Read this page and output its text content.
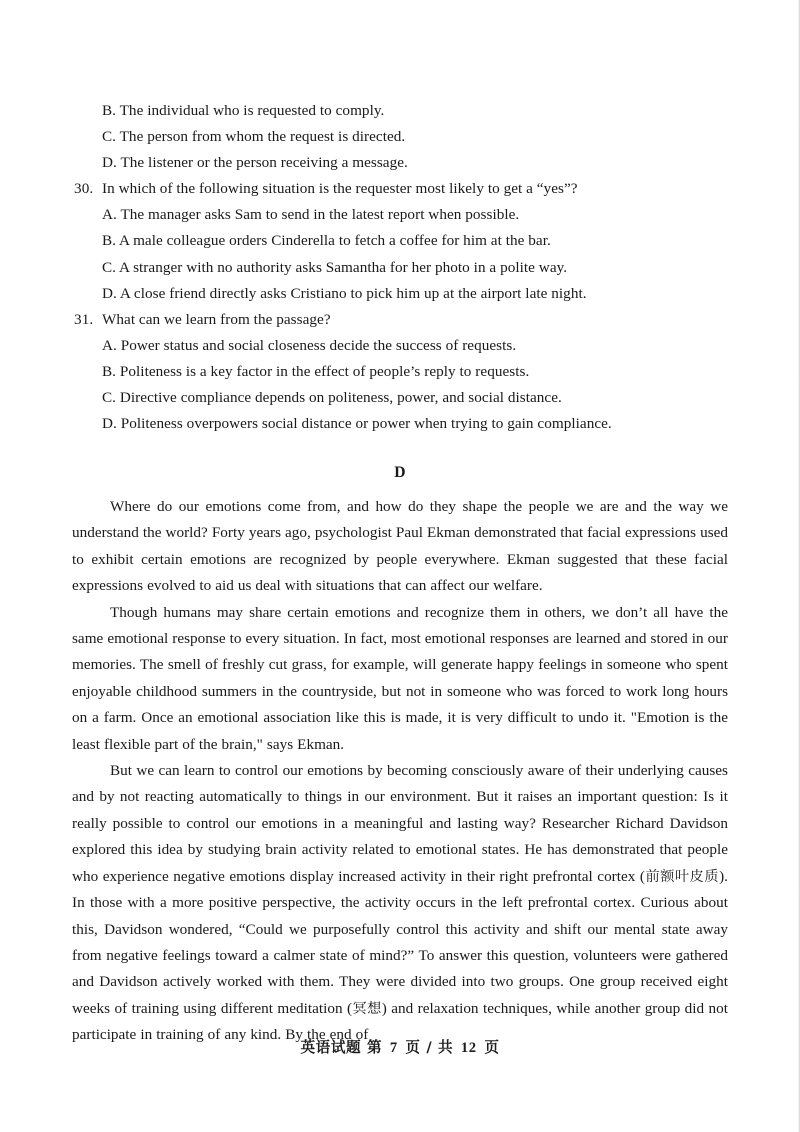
B. The individual who is requested to comply.
C. The person from whom the request is directed.
D. The listener or the person receiving a message.
30. In which of the following situation is the requester most likely to get a “yes”?
A. The manager asks Sam to send in the latest report when possible.
B. A male colleague orders Cinderella to fetch a coffee for him at the bar.
C. A stranger with no authority asks Samantha for her photo in a polite way.
D. A close friend directly asks Cristiano to pick him up at the airport late night.
31. What can we learn from the passage?
A. Power status and social closeness decide the success of requests.
B. Politeness is a key factor in the effect of people’s reply to requests.
C. Directive compliance depends on politeness, power, and social distance.
D. Politeness overpowers social distance or power when trying to gain compliance.
D

Where do our emotions come from, and how do they shape the people we are and the way we understand the world? Forty years ago, psychologist Paul Ekman demonstrated that facial expressions used to exhibit certain emotions are recognized by people everywhere. Ekman suggested that these facial expressions evolved to aid us deal with situations that can affect our welfare.

Though humans may share certain emotions and recognize them in others, we don’t all have the same emotional response to every situation. In fact, most emotional responses are learned and stored in our memories. The smell of freshly cut grass, for example, will generate happy feelings in someone who spent enjoyable childhood summers in the countryside, but not in someone who was forced to work long hours on a farm. Once an emotional association like this is made, it is very difficult to undo it. "Emotion is the least flexible part of the brain," says Ekman.

But we can learn to control our emotions by becoming consciously aware of their underlying causes and by not reacting automatically to things in our environment. But it raises an important question: Is it really possible to control our emotions in a meaningful and lasting way? Researcher Richard Davidson explored this idea by studying brain activity related to emotional states. He has demonstrated that people who experience negative emotions display increased activity in their right prefrontal cortex (前额叶皮质). In those with a more positive perspective, the activity occurs in the left prefrontal cortex. Curious about this, Davidson wondered, “Could we purposefully control this activity and shift our mental state away from negative feelings toward a calmer state of mind?” To answer this question, volunteers were gathered and Davidson actively worked with them. They were divided into two groups. One group received eight weeks of training using different meditation (冥想) and relaxation techniques, while another group did not participate in training of any kind. By the end of

英语试题 第 7 页 / 共 12 页
